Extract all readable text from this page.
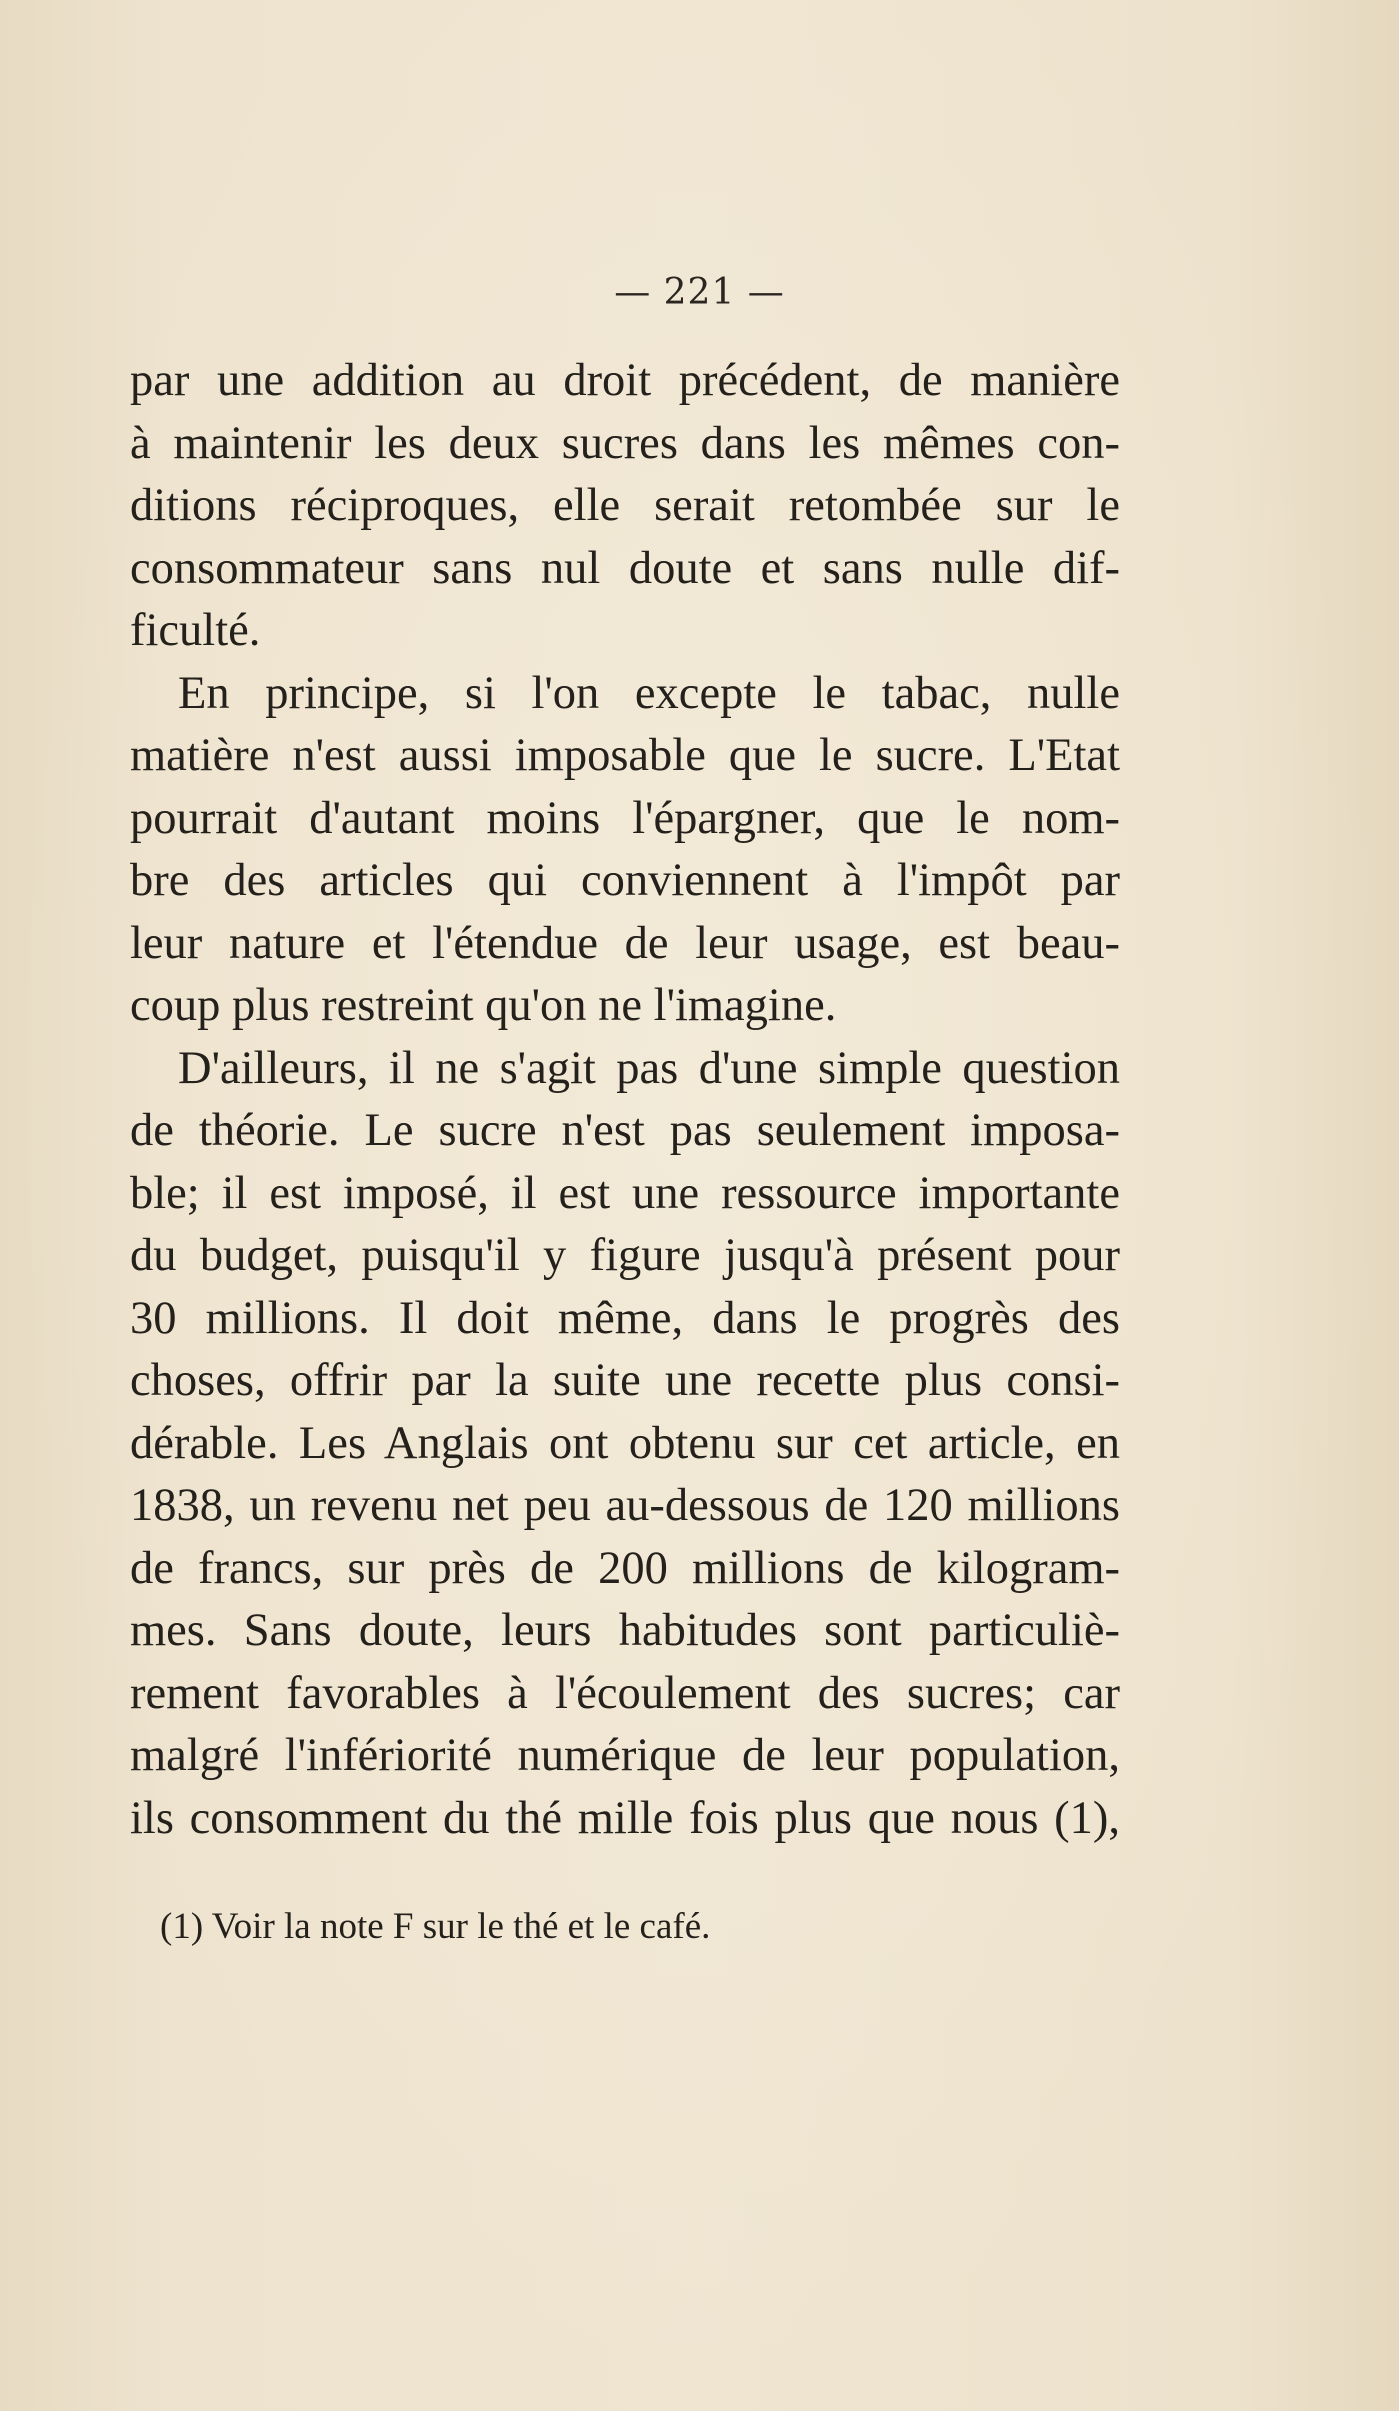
— 221 —
par une addition au droit précédent, de manière
à maintenir les deux sucres dans les mêmes con-
ditions réciproques, elle serait retombée sur le
consommateur sans nul doute et sans nulle dif-
ficulté.
En principe, si l'on excepte le tabac, nulle
matière n'est aussi imposable que le sucre. L'Etat
pourrait d'autant moins l'épargner, que le nom-
bre des articles qui conviennent à l'impôt par
leur nature et l'étendue de leur usage, est beau-
coup plus restreint qu'on ne l'imagine.
D'ailleurs, il ne s'agit pas d'une simple question
de théorie. Le sucre n'est pas seulement imposa-
ble; il est imposé, il est une ressource importante
du budget, puisqu'il y figure jusqu'à présent pour
30 millions. Il doit même, dans le progrès des
choses, offrir par la suite une recette plus consi-
dérable. Les Anglais ont obtenu sur cet article, en
1838, un revenu net peu au-dessous de 120 millions
de francs, sur près de 200 millions de kilogram-
mes. Sans doute, leurs habitudes sont particuliè-
rement favorables à l'écoulement des sucres; car
malgré l'infériorité numérique de leur population,
ils consomment du thé mille fois plus que nous (1),
(1) Voir la note F sur le thé et le café.
